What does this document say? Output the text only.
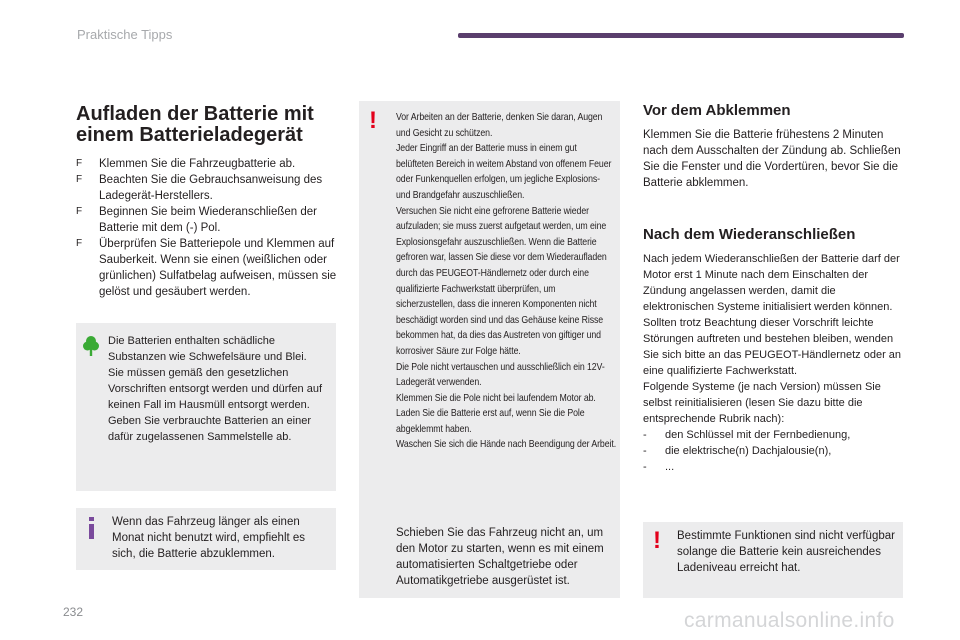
Praktische Tipps
Aufladen der Batterie mit
einem Batterieladegerät
F Klemmen Sie die Fahrzeugbatterie ab.
F Beachten Sie die Gebrauchsanweisung des Ladegerät-Herstellers.
F Beginnen Sie beim Wiederanschließen der Batterie mit dem (-) Pol.
F Überprüfen Sie Batteriepole und Klemmen auf Sauberkeit. Wenn sie einen (weißlichen oder grünlichen) Sulfatbelag aufweisen, müssen sie gelöst und gesäubert werden.
Die Batterien enthalten schädliche Substanzen wie Schwefelsäure und Blei.
Sie müssen gemäß den gesetzlichen Vorschriften entsorgt werden und dürfen auf keinen Fall im Hausmüll entsorgt werden.
Geben Sie verbrauchte Batterien an einer dafür zugelassenen Sammelstelle ab.
Wenn das Fahrzeug länger als einen Monat nicht benutzt wird, empfiehlt es sich, die Batterie abzuklemmen.
! Vor Arbeiten an der Batterie, denken Sie daran, Augen und Gesicht zu schützen.

Jeder Eingriff an der Batterie muss in einem gut belüfteten Bereich in weitem Abstand von offenem Feuer oder Funkenquellen erfolgen, um jegliche Explosions- und Brandgefahr auszuschließen.

Versuchen Sie nicht eine gefrorene Batterie wieder aufzuladen; sie muss zuerst aufgetaut werden, um eine Explosionsgefahr auszuschließen. Wenn die Batterie gefroren war, lassen Sie diese vor dem Wiederaufladen durch das PEUGEOT-Händlernetz oder durch eine qualifizierte Fachwerkstatt überprüfen, um sicherzustellen, dass die inneren Komponenten nicht beschädigt worden sind und das Gehäuse keine Risse bekommen hat, da dies das Austreten von giftiger und korrosiver Säure zur Folge hätte.

Die Pole nicht vertauschen und ausschließlich ein 12V-Ladegerät verwenden.

Klemmen Sie die Pole nicht bei laufendem Motor ab.

Laden Sie die Batterie erst auf, wenn Sie die Pole abgeklemmt haben.

Waschen Sie sich die Hände nach Beendigung der Arbeit.

Schieben Sie das Fahrzeug nicht an, um den Motor zu starten, wenn es mit einem automatisierten Schaltgetriebe oder Automatikgetriebe ausgerüstet ist.
Vor dem Abklemmen

Klemmen Sie die Batterie frühestens 2 Minuten nach dem Ausschalten der Zündung ab. Schließen Sie die Fenster und die Vordertüren, bevor Sie die Batterie abklemmen.

Nach dem Wiederanschließen

Nach jedem Wiederanschließen der Batterie darf der Motor erst 1 Minute nach dem Einschalten der Zündung angelassen werden, damit die elektronischen Systeme initialisiert werden können. Sollten trotz Beachtung dieser Vorschrift leichte Störungen auftreten und bestehen bleiben, wenden Sie sich bitte an das PEUGEOT-Händlernetz oder an eine qualifizierte Fachwerkstatt.

Folgende Systeme (je nach Version) müssen Sie selbst reinitialisieren (lesen Sie dazu bitte die entsprechende Rubrik nach):

- den Schlüssel mit der Fernbedienung,
- die elektrische(n) Dachjalousie(n),
- ...
! Bestimmte Funktionen sind nicht verfügbar solange die Batterie kein ausreichendes Ladeniveau erreicht hat.
232	carmanualsonline.info
